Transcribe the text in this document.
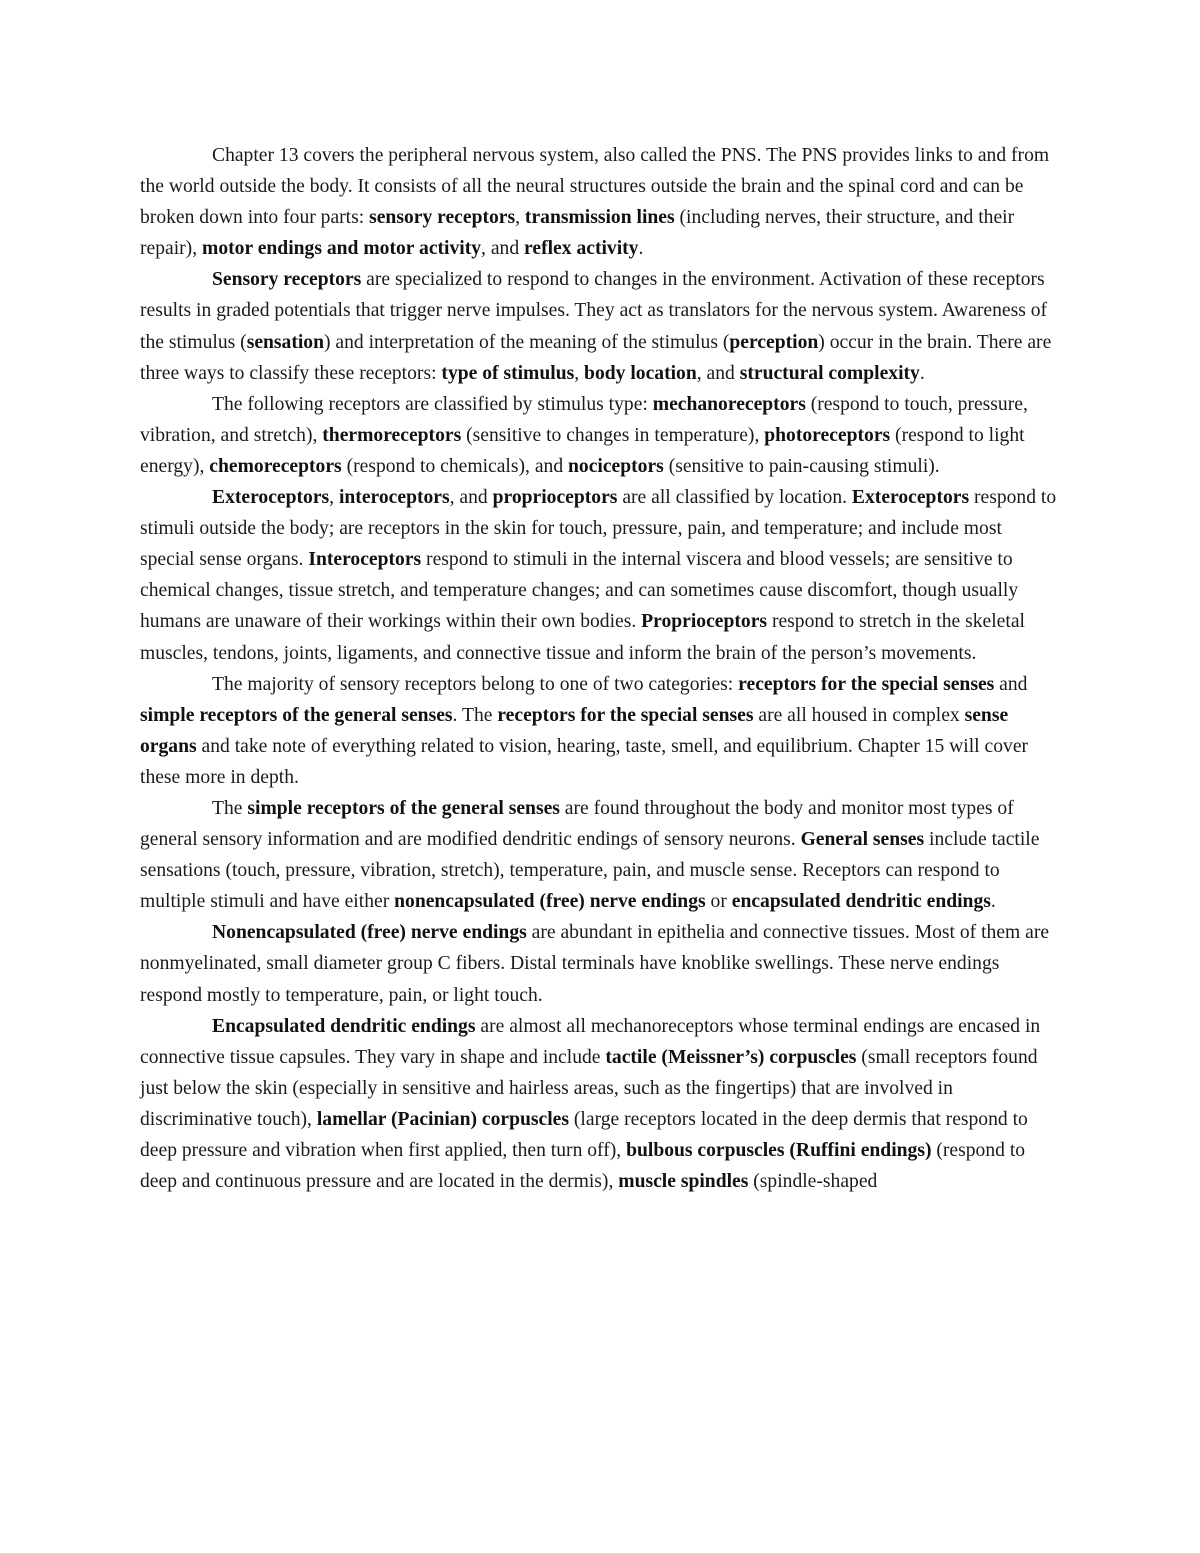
Chapter 13 covers the peripheral nervous system, also called the PNS. The PNS provides links to and from the world outside the body. It consists of all the neural structures outside the brain and the spinal cord and can be broken down into four parts: sensory receptors, transmission lines (including nerves, their structure, and their repair), motor endings and motor activity, and reflex activity.

Sensory receptors are specialized to respond to changes in the environment. Activation of these receptors results in graded potentials that trigger nerve impulses. They act as translators for the nervous system. Awareness of the stimulus (sensation) and interpretation of the meaning of the stimulus (perception) occur in the brain. There are three ways to classify these receptors: type of stimulus, body location, and structural complexity.

The following receptors are classified by stimulus type: mechanoreceptors (respond to touch, pressure, vibration, and stretch), thermoreceptors (sensitive to changes in temperature), photoreceptors (respond to light energy), chemoreceptors (respond to chemicals), and nociceptors (sensitive to pain-causing stimuli).

Exteroceptors, interoceptors, and proprioceptors are all classified by location. Exteroceptors respond to stimuli outside the body; are receptors in the skin for touch, pressure, pain, and temperature; and include most special sense organs. Interoceptors respond to stimuli in the internal viscera and blood vessels; are sensitive to chemical changes, tissue stretch, and temperature changes; and can sometimes cause discomfort, though usually humans are unaware of their workings within their own bodies. Proprioceptors respond to stretch in the skeletal muscles, tendons, joints, ligaments, and connective tissue and inform the brain of the person’s movements.

The majority of sensory receptors belong to one of two categories: receptors for the special senses and simple receptors of the general senses. The receptors for the special senses are all housed in complex sense organs and take note of everything related to vision, hearing, taste, smell, and equilibrium. Chapter 15 will cover these more in depth.

The simple receptors of the general senses are found throughout the body and monitor most types of general sensory information and are modified dendritic endings of sensory neurons. General senses include tactile sensations (touch, pressure, vibration, stretch), temperature, pain, and muscle sense. Receptors can respond to multiple stimuli and have either nonencapsulated (free) nerve endings or encapsulated dendritic endings.

Nonencapsulated (free) nerve endings are abundant in epithelia and connective tissues. Most of them are nonmyelinated, small diameter group C fibers. Distal terminals have knoblike swellings. These nerve endings respond mostly to temperature, pain, or light touch.

Encapsulated dendritic endings are almost all mechanoreceptors whose terminal endings are encased in connective tissue capsules. They vary in shape and include tactile (Meissner’s) corpuscles (small receptors found just below the skin (especially in sensitive and hairless areas, such as the fingertips) that are involved in discriminative touch), lamellar (Pacinian) corpuscles (large receptors located in the deep dermis that respond to deep pressure and vibration when first applied, then turn off), bulbous corpuscles (Ruffini endings) (respond to deep and continuous pressure and are located in the dermis), muscle spindles (spindle-shaped
